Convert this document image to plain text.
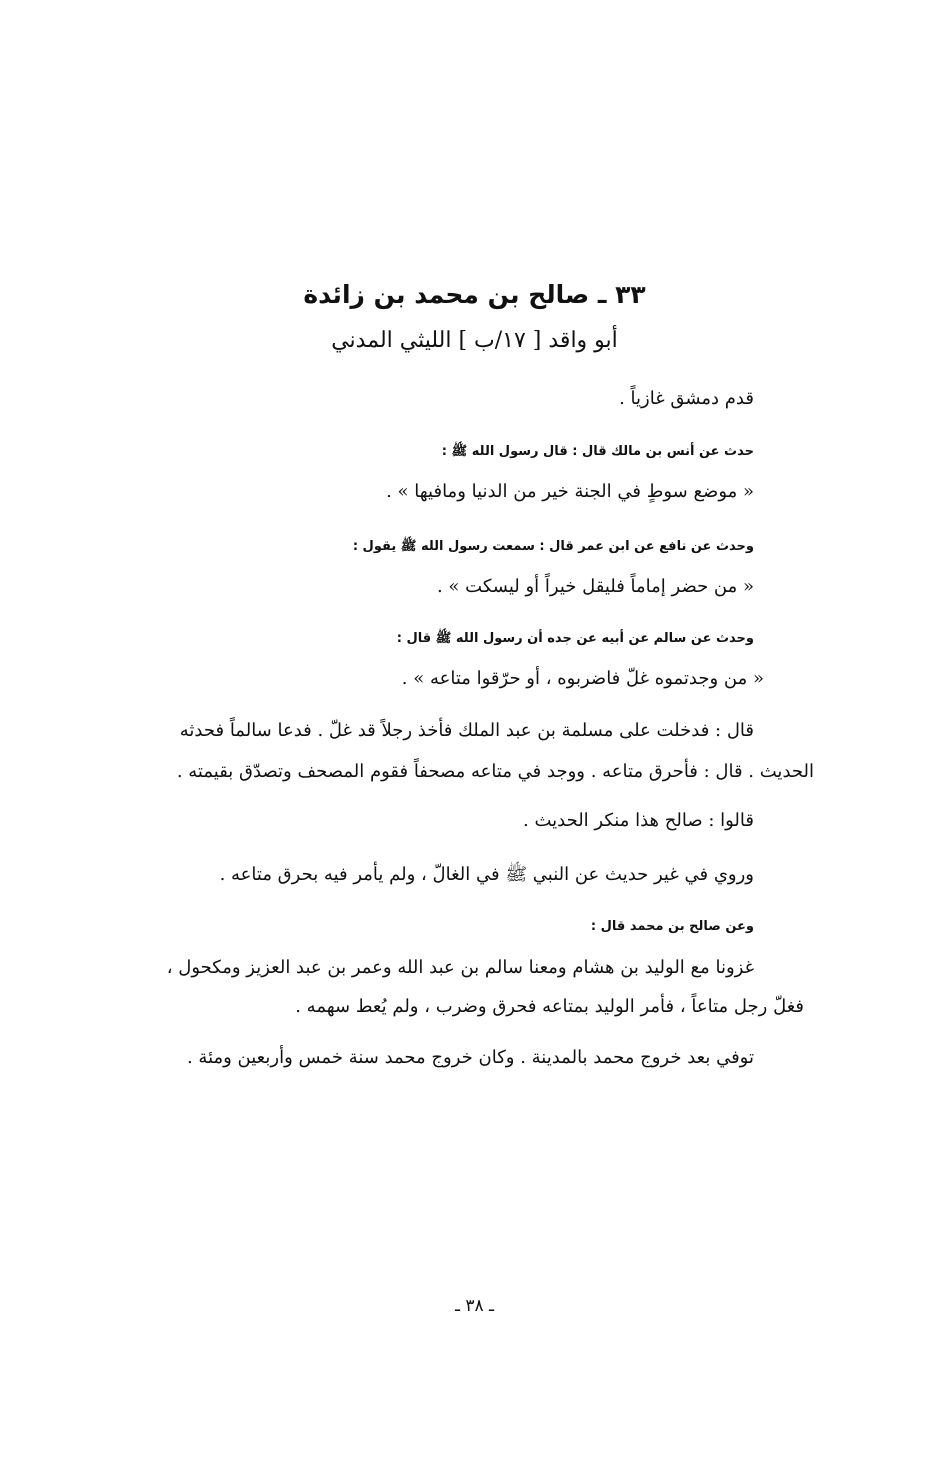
٣٣ ـ صالح بن محمد بن زائدة
أبو واقد [ ١٧/ب ] الليثي المدني
قدم دمشق غازياً .
حدث عن أنس بن مالك قال : قال رسول الله ﷺ :
« موضع سوطٍ في الجنة خير من الدنيا ومافيها » .
وحدث عن نافع عن ابن عمر قال : سمعت رسول الله ﷺ يقول :
« من حضر إماماً فليقل خيراً أو ليسكت » .
وحدث عن سالم عن أبيه عن جده أن رسول الله ﷺ قال :
« من وجدتموه غلّ فاضربوه ، أو حرّقوا متاعه » .
قال : فدخلت على مسلمة بن عبد الملك فأخذ رجلاً قد غلّ . فدعا سالماً فحدثه
الحديث . قال : فأحرق متاعه . ووجد في متاعه مصحفاً فقوم المصحف وتصدّق بقيمته .
قالوا : صالح هذا منكر الحديث .
وروي في غير حديث عن النبي ﷺ في الغالّ ، ولم يأمر فيه بحرق متاعه .
وعن صالح بن محمد قال :
غزونا مع الوليد بن هشام ومعنا سالم بن عبد الله وعمر بن عبد العزيز ومكحول ،
فغلّ رجل متاعاً ، فأمر الوليد بمتاعه فحرق وضرب ، ولم يُعط سهمه .
توفي بعد خروج محمد بالمدينة . وكان خروج محمد سنة خمس وأربعين ومئة .
ـ ٣٨ ـ
